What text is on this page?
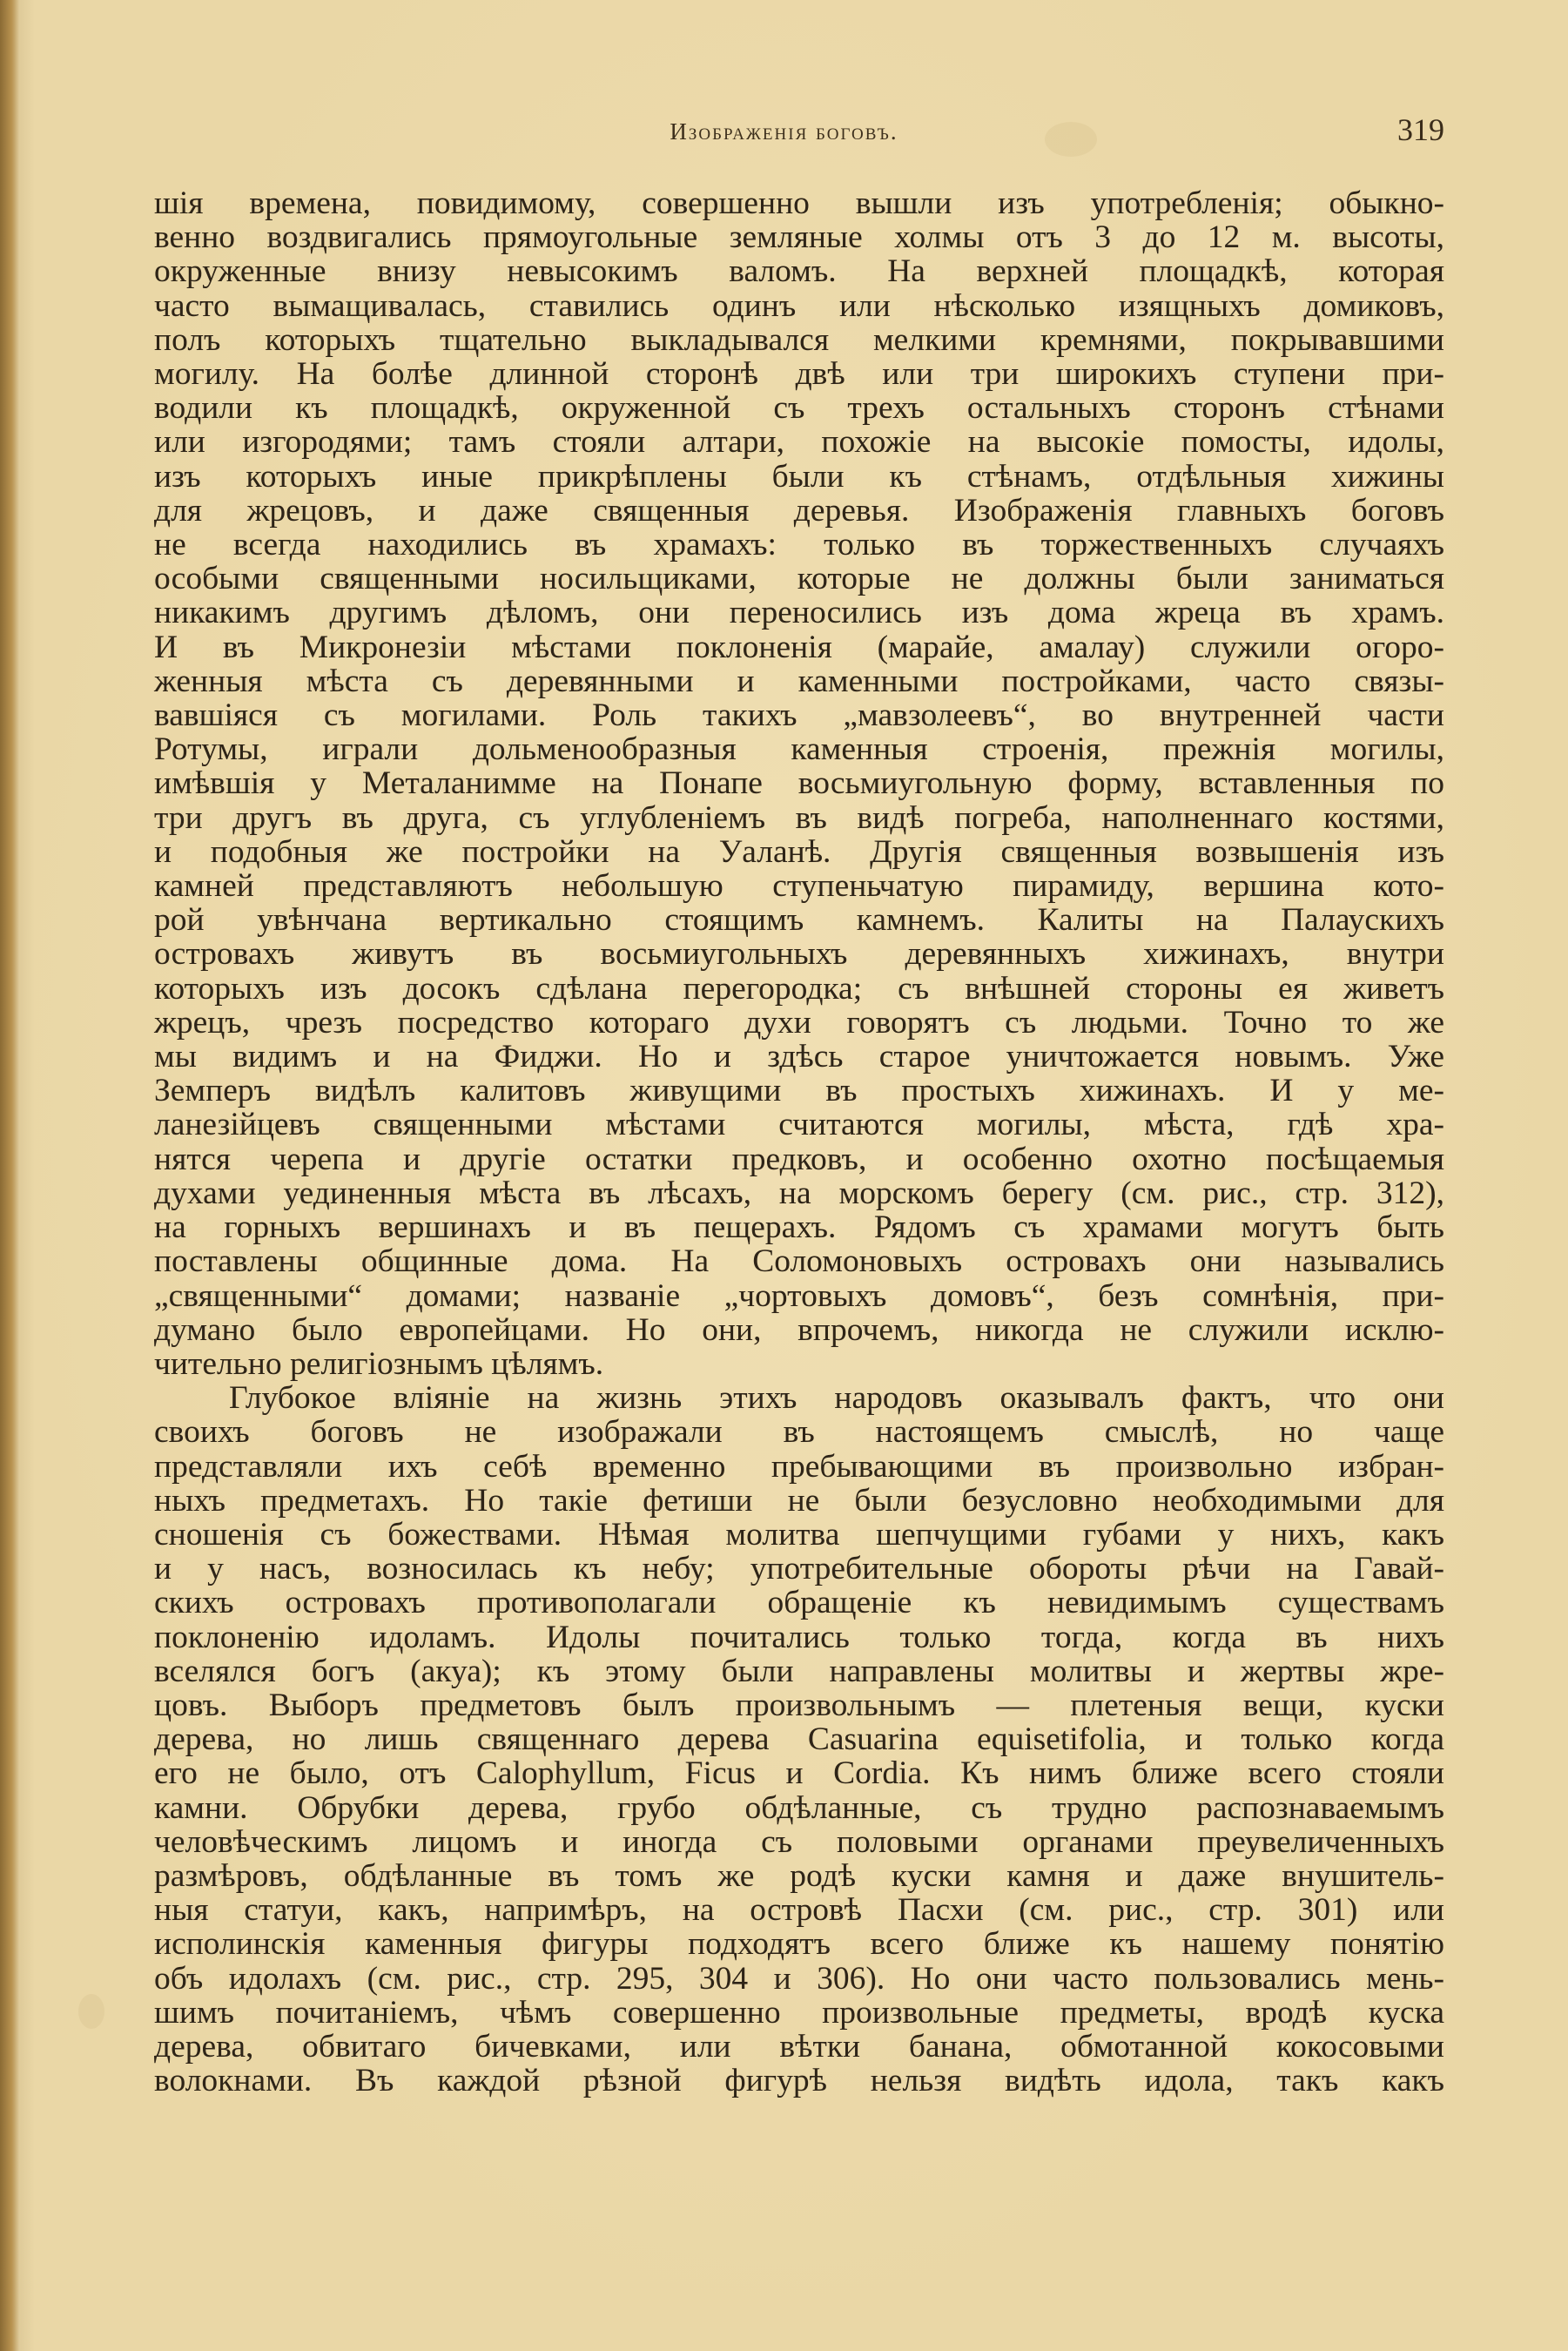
Изображенія боговъ.	319

шія времена, повидимому, совершенно вышли изъ употребленія; обыкно-
венно воздвигались прямоугольные земляные холмы отъ 3 до 12 м. высоты,
окруженные внизу невысокимъ валомъ. На верхней площадкѣ, которая
часто вымащивалась, ставились одинъ или нѣсколько изящныхъ домиковъ,
полъ которыхъ тщательно выкладывался мелкими кремнями, покрывавшими
могилу. На болѣе длинной сторонѣ двѣ или три широкихъ ступени при-
водили къ площадкѣ, окруженной съ трехъ остальныхъ сторонъ стѣнами
или изгородями; тамъ стояли алтари, похожіе на высокіе помосты, идолы,
изъ которыхъ иные прикрѣплены были къ стѣнамъ, отдѣльныя хижины
для жрецовъ, и даже священныя деревья. Изображенія главныхъ боговъ
не всегда находились въ храмахъ: только въ торжественныхъ случаяхъ
особыми священными носильщиками, которые не должны были заниматься
никакимъ другимъ дѣломъ, они переносились изъ дома жреца въ храмъ.
И въ Микронезіи мѣстами поклоненія (марайе, амалау) служили огоро-
женныя мѣста съ деревянными и каменными постройками, часто связы-
вавшіяся съ могилами. Роль такихъ „мавзолеевъ“, во внутренней части
Ротумы, играли дольменообразныя каменныя строенія, прежнія могилы,
имѣвшія у Металанимме на Понапе восьмиугольную форму, вставленныя по
три другъ въ друга, съ углубленіемъ въ видѣ погреба, наполненнаго костями,
и подобныя же постройки на Уаланѣ. Другія священныя возвышенія изъ
камней представляютъ небольшую ступеньчатую пирамиду, вершина кото-
рой увѣнчана вертикально стоящимъ камнемъ. Калиты на Палаускихъ
островахъ живутъ въ восьмиугольныхъ деревянныхъ хижинахъ, внутри
которыхъ изъ досокъ сдѣлана перегородка; съ внѣшней стороны ея живетъ
жрецъ, чрезъ посредство котораго духи говорятъ съ людьми. Точно то же
мы видимъ и на Фиджи. Но и здѣсь старое уничтожается новымъ. Уже
Земперъ видѣлъ калитовъ живущими въ простыхъ хижинахъ. И у ме-
ланезійцевъ священными мѣстами считаются могилы, мѣста, гдѣ хра-
нятся черепа и другіе остатки предковъ, и особенно охотно посѣщаемыя
духами уединенныя мѣста въ лѣсахъ, на морскомъ берегу (см. рис., стр. 312),
на горныхъ вершинахъ и въ пещерахъ. Рядомъ съ храмами могутъ быть
поставлены общинные дома. На Соломоновыхъ островахъ они назывались
„священными“ домами; названіе „чортовыхъ домовъ“, безъ сомнѣнія, при-
думано было европейцами. Но они, впрочемъ, никогда не служили исклю-
чительно религіознымъ цѣлямъ.

Глубокое вліяніе на жизнь этихъ народовъ оказывалъ фактъ, что они
своихъ боговъ не изображали въ настоящемъ смыслѣ, но чаще
представляли ихъ себѣ временно пребывающими въ произвольно избран-
ныхъ предметахъ. Но такіе фетиши не были безусловно необходимыми для
сношенія съ божествами. Нѣмая молитва шепчущими губами у нихъ, какъ
и у насъ, возносилась къ небу; употребительные обороты рѣчи на Гавай-
скихъ островахъ противополагали обращеніе къ невидимымъ существамъ
поклоненію идоламъ. Идолы почитались только тогда, когда въ нихъ
вселялся богъ (акуа); къ этому были направлены молитвы и жертвы жре-
цовъ. Выборъ предметовъ былъ произвольнымъ — плетеныя вещи, куски
дерева, но лишь священнаго дерева Casuarina equisetifolia, и только когда
его не было, отъ Calophyllum, Ficus и Cordia. Къ нимъ ближе всего стояли
камни. Обрубки дерева, грубо обдѣланные, съ трудно распознаваемымъ
человѣческимъ лицомъ и иногда съ половыми органами преувеличенныхъ
размѣровъ, обдѣланные въ томъ же родѣ куски камня и даже внушитель-
ныя статуи, какъ, напримѣръ, на островѣ Пасхи (см. рис., стр. 301) или
исполинскія каменныя фигуры подходятъ всего ближе къ нашему понятію
объ идолахъ (см. рис., стр. 295, 304 и 306). Но они часто пользовались мень-
шимъ почитаніемъ, чѣмъ совершенно произвольные предметы, вродѣ куска
дерева, обвитаго бичевками, или вѣтки банана, обмотанной кокосовыми
волокнами. Въ каждой рѣзной фигурѣ нельзя видѣть идола, такъ какъ
